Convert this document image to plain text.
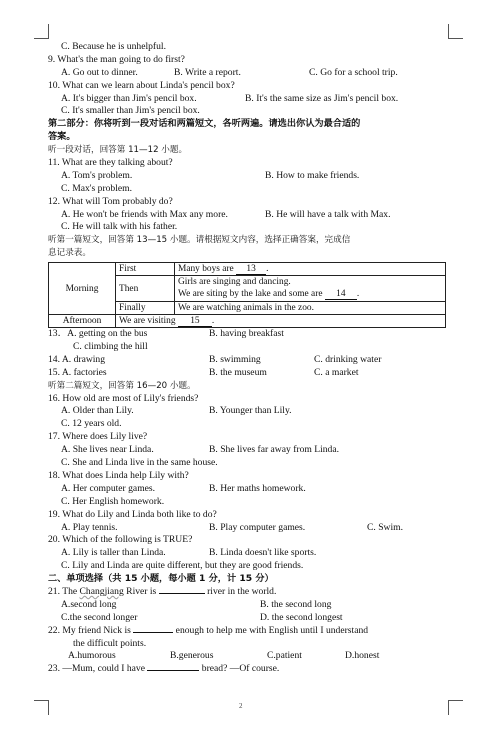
C. Because he is unhelpful.
9. What's the man going to do first?
A. Go out to dinner.	B. Write a report.	C. Go for a school trip.
10. What can we learn about Linda's pencil box?
A. It's bigger than Jim's pencil box.	B. It's the same size as Jim's pencil box.
C. It's smaller than Jim's pencil box.
第二部分：你将听到一段对话和两篇短文，各听两遍。请选出你认为最合适的
答案。
听一段对话，回答第 11—12 小题。
11. What are they talking about?
A. Tom's problem.	B. How to make friends.
C. Max's problem.
12. What will Tom probably do?
A. He won't be friends with Max any more.	B. He will have a talk with Max.
C. He will talk with his father.
听第一篇短文，回答第 13—15 小题。请根据短文内容，选择正确答案，完成信
息记录表。
Morning	First	Many boys are 13 .
	Then	Girls are singing and dancing.
We are siting by the lake and some are 14 .

	Finally	We are watching animals in the zoo.
Afternoon	We are visiting 15 .	
13．A. getting on the bus	B. having breakfast
C. climbing the hill
14. A. drawing	B. swimming	C. drinking water
15. A. factories	B. the museum	C. a market
听第二篇短文，回答第 16—20 小题。
16. How old are most of Lily's friends?
A. Older than Lily.	B. Younger than Lily.
C. 12 years old.
17. Where does Lily live?
A. She lives near Linda.	B. She lives far away from Linda.
C. She and Linda live in the same house.
18. What does Linda help Lily with?
A. Her computer games.	B. Her maths homework.
C. Her English homework.
19. What do Lily and Linda both like to do?
A. Play tennis.	B. Play computer games.	C. Swim.
20. Which of the following is TRUE?
A. Lily is taller than Linda.	B. Linda doesn't like sports.
C. Lily and Linda are quite different, but they are good friends.
二、单项选择（共 15 小题，每小题 1 分，计 15 分）
21. The Changjiang River is	river in the world.
A.second long	B. the second long
C.the second longer	D. the second longest
22. My friend Nick is	enough to help me with English until I understand
the difficult points.
A.humorous	B.generous	C.patient	D.honest
23. —Mum, could I have	bread? —Of course.
2
